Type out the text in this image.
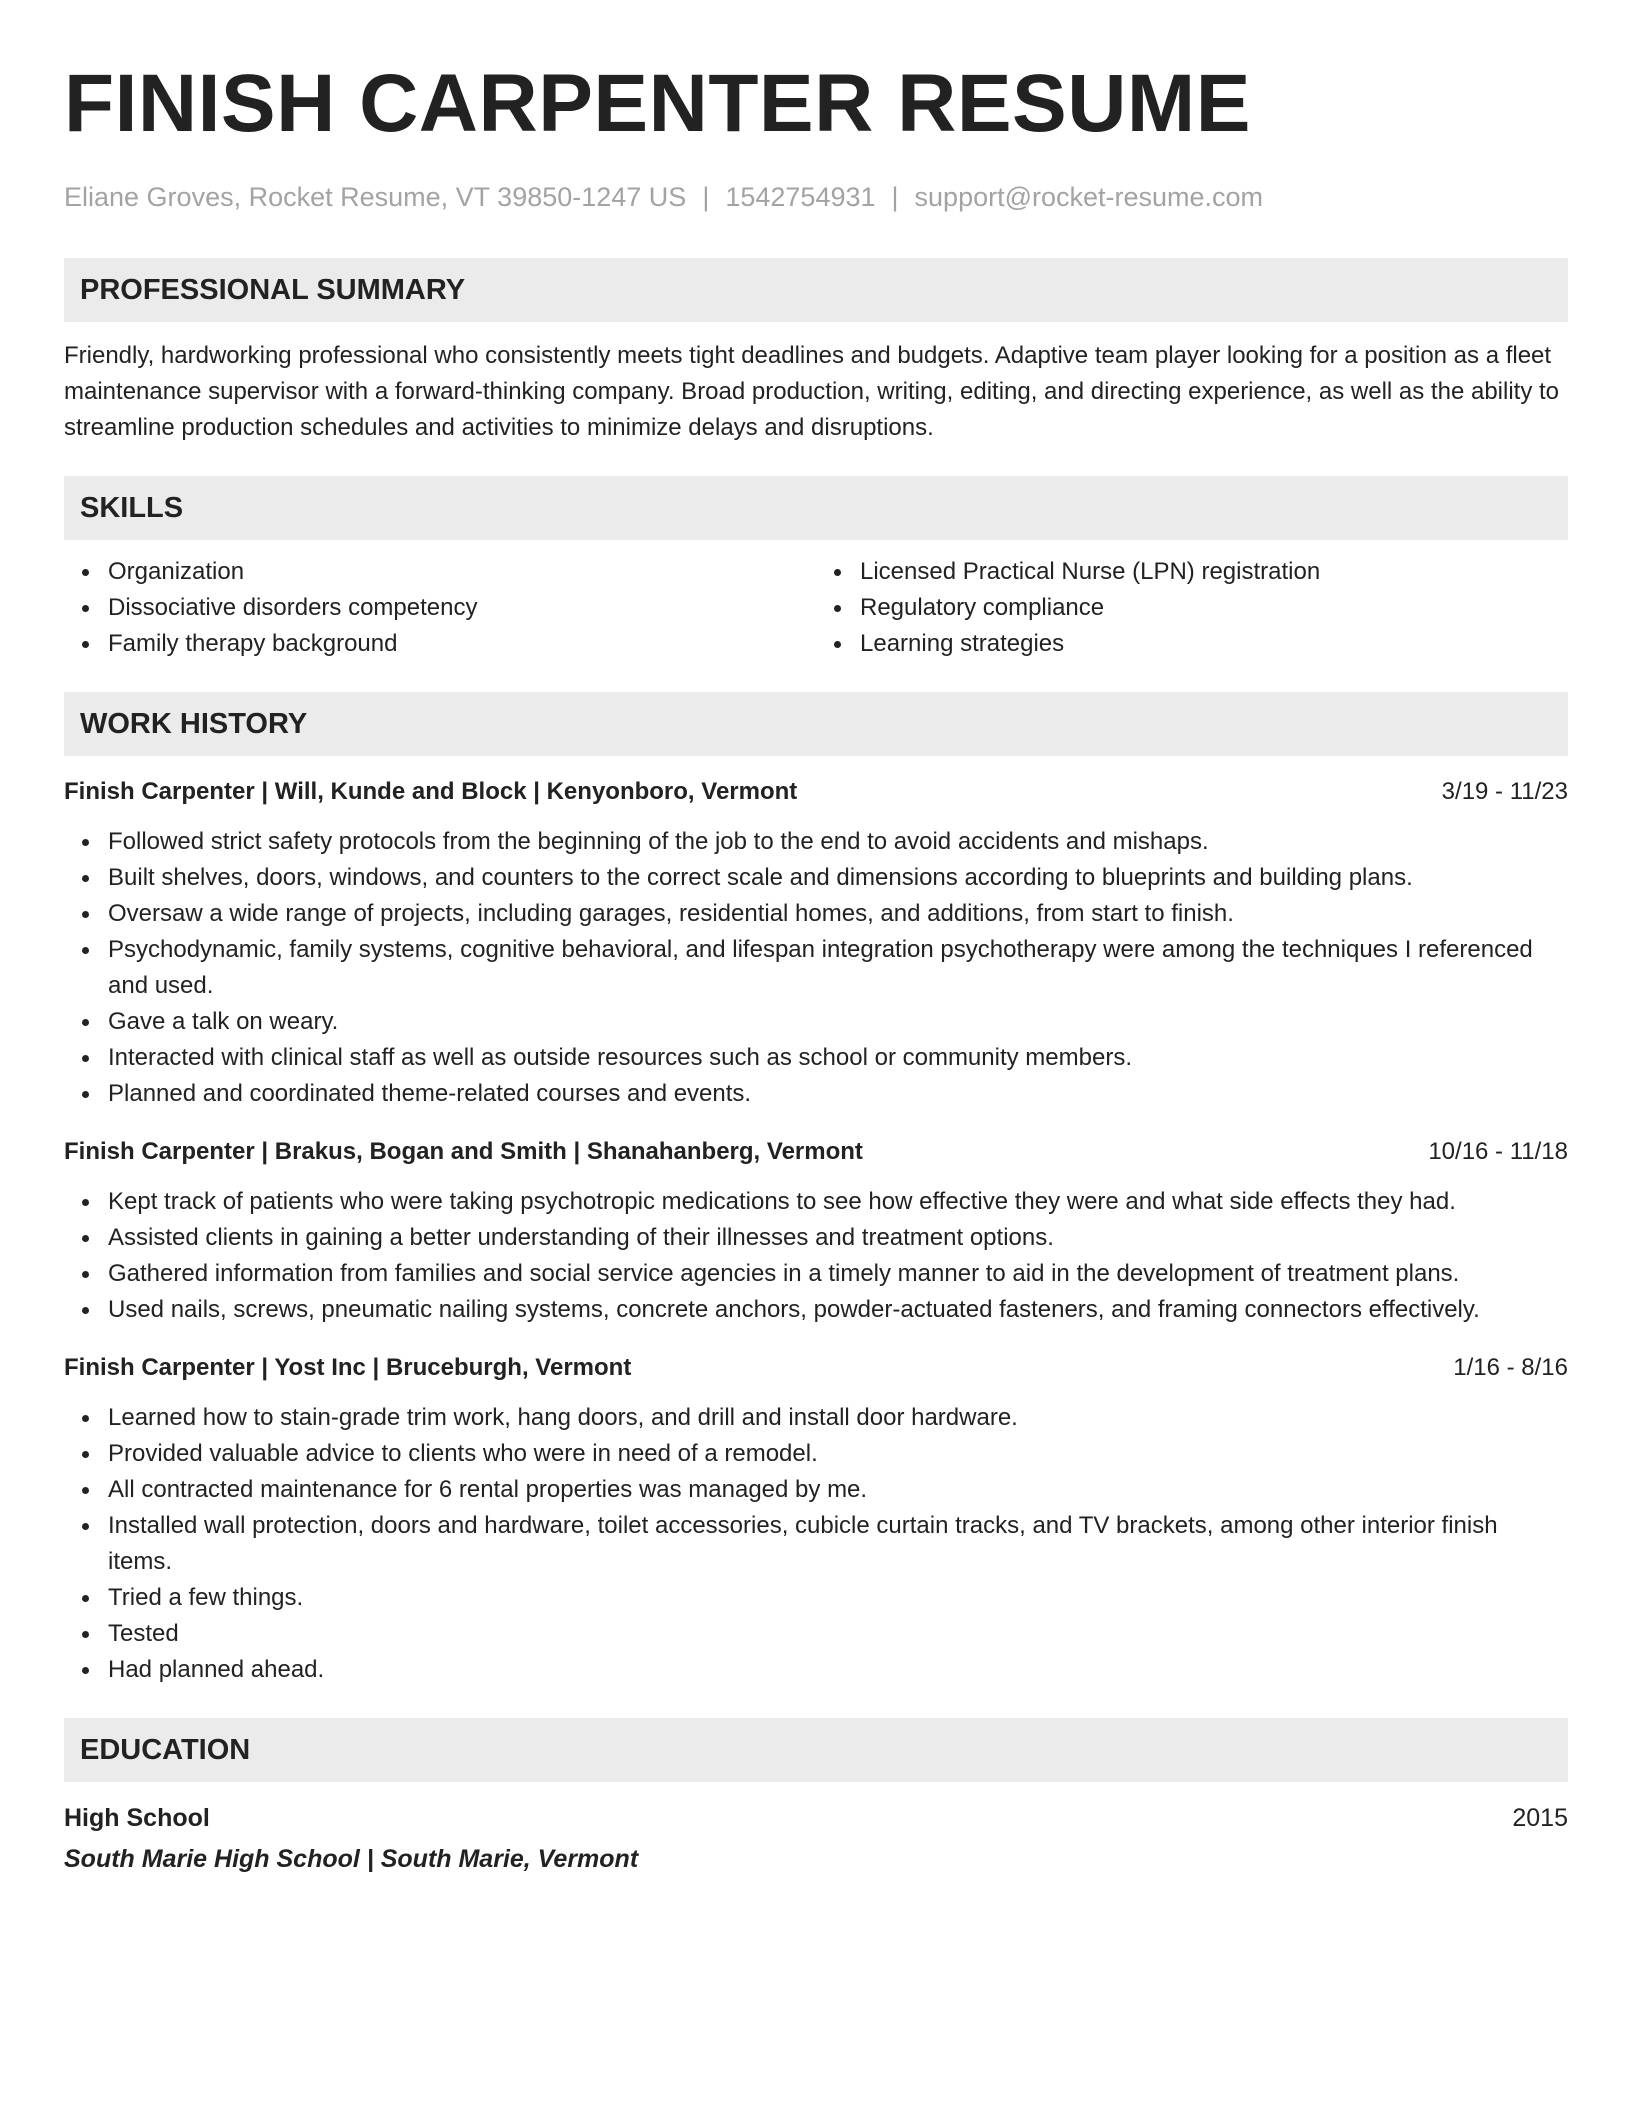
FINISH CARPENTER RESUME
Eliane Groves, Rocket Resume, VT 39850-1247 US | 1542754931 | support@rocket-resume.com
PROFESSIONAL SUMMARY

Friendly, hardworking professional who consistently meets tight deadlines and budgets. Adaptive team player looking for a position as a fleet maintenance supervisor with a forward-thinking company. Broad production, writing, editing, and directing experience, as well as the ability to streamline production schedules and activities to minimize delays and disruptions.

SKILLS
Organization
Dissociative disorders competency
Family therapy background
Licensed Practical Nurse (LPN) registration
Regulatory compliance
Learning strategies
WORK HISTORY
Finish Carpenter | Will, Kunde and Block | Kenyonboro, Vermont	3/19 - 11/23
Followed strict safety protocols from the beginning of the job to the end to avoid accidents and mishaps.
Built shelves, doors, windows, and counters to the correct scale and dimensions according to blueprints and building plans.
Oversaw a wide range of projects, including garages, residential homes, and additions, from start to finish.
Psychodynamic, family systems, cognitive behavioral, and lifespan integration psychotherapy were among the techniques I referenced and used.
Gave a talk on weary.
Interacted with clinical staff as well as outside resources such as school or community members.
Planned and coordinated theme-related courses and events.
Finish Carpenter | Brakus, Bogan and Smith | Shanahanberg, Vermont	10/16 - 11/18
Kept track of patients who were taking psychotropic medications to see how effective they were and what side effects they had.
Assisted clients in gaining a better understanding of their illnesses and treatment options.
Gathered information from families and social service agencies in a timely manner to aid in the development of treatment plans.
Used nails, screws, pneumatic nailing systems, concrete anchors, powder-actuated fasteners, and framing connectors effectively.
Finish Carpenter | Yost Inc | Bruceburgh, Vermont	1/16 - 8/16
Learned how to stain-grade trim work, hang doors, and drill and install door hardware.
Provided valuable advice to clients who were in need of a remodel.
All contracted maintenance for 6 rental properties was managed by me.
Installed wall protection, doors and hardware, toilet accessories, cubicle curtain tracks, and TV brackets, among other interior finish items.
Tried a few things.
Tested
Had planned ahead.
EDUCATION
High School	2015
South Marie High School | South Marie, Vermont
